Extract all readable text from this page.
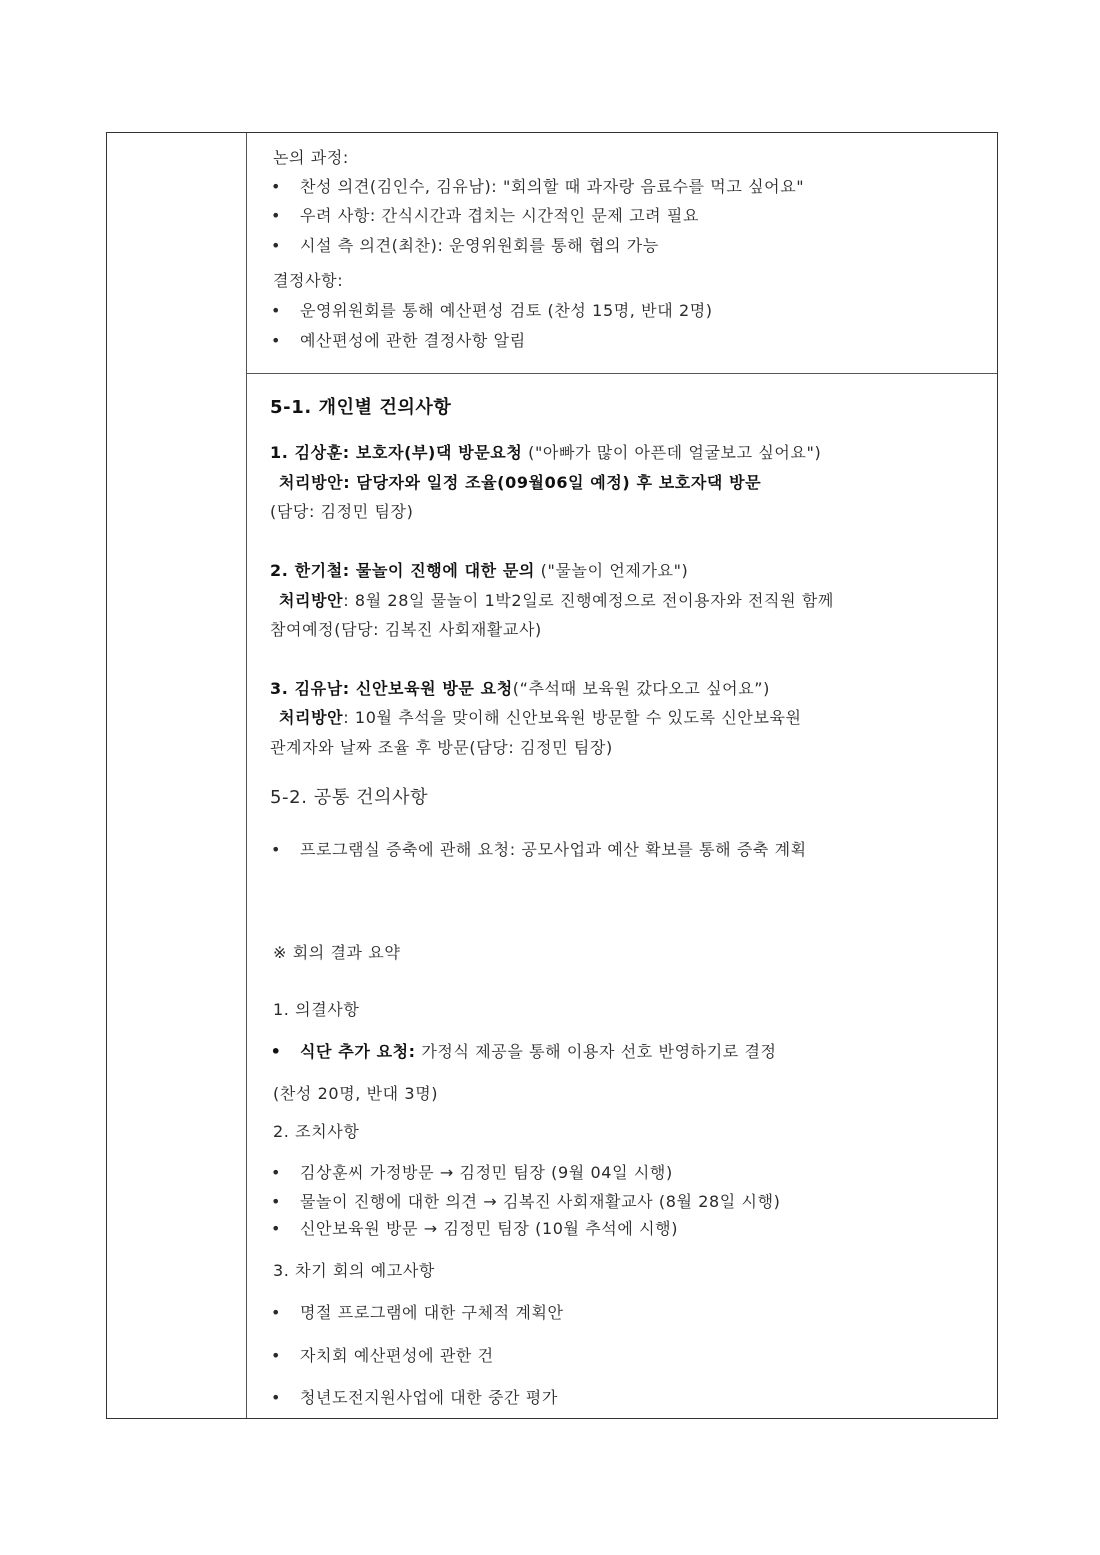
논의 과정:
• 찬성 의견(김인수, 김유남): "회의할 때 과자랑 음료수를 먹고 싶어요"
• 우려 사항: 간식시간과 겹치는 시간적인 문제 고려 필요
• 시설 측 의견(최찬): 운영위원회를 통해 협의 가능
결정사항:
• 운영위원회를 통해 예산편성 검토 (찬성 15명, 반대 2명)
• 예산편성에 관한 결정사항 알림
5-1. 개인별 건의사항
1. 김상훈: 보호자(부)댁 방문요청 ("아빠가 많이 아픈데 얼굴보고 싶어요")
처리방안: 담당자와 일정 조율(09월06일 예정) 후 보호자댁 방문
(담당: 김정민 팀장)
2. 한기철: 물놀이 진행에 대한 문의 ("물놀이 언제가요")
처리방안: 8월 28일 물놀이 1박2일로 진행예정으로 전이용자와 전직원 함께
참여예정(담당: 김복진 사회재활교사)
3. 김유남: 신안보육원 방문 요청(“추석때 보육원 갔다오고 싶어요”)
처리방안: 10월 추석을 맞이해 신안보육원 방문할 수 있도록 신안보육원
관계자와 날짜 조율 후 방문(담당: 김정민 팀장)
5-2. 공통 건의사항
• 프로그램실 증축에 관해 요청: 공모사업과 예산 확보를 통해 증축 계획
※ 회의 결과 요약
1. 의결사항
• 식단 추가 요청: 가정식 제공을 통해 이용자 선호 반영하기로 결정
(찬성 20명, 반대 3명)
2. 조치사항
• 김상훈씨 가정방문 → 김정민 팀장 (9월 04일 시행)
• 물놀이 진행에 대한 의견 → 김복진 사회재활교사 (8월 28일 시행)
• 신안보육원 방문 → 김정민 팀장 (10월 추석에 시행)
3. 차기 회의 예고사항
• 명절 프로그램에 대한 구체적 계획안
• 자치회 예산편성에 관한 건
• 청년도전지원사업에 대한 중간 평가
